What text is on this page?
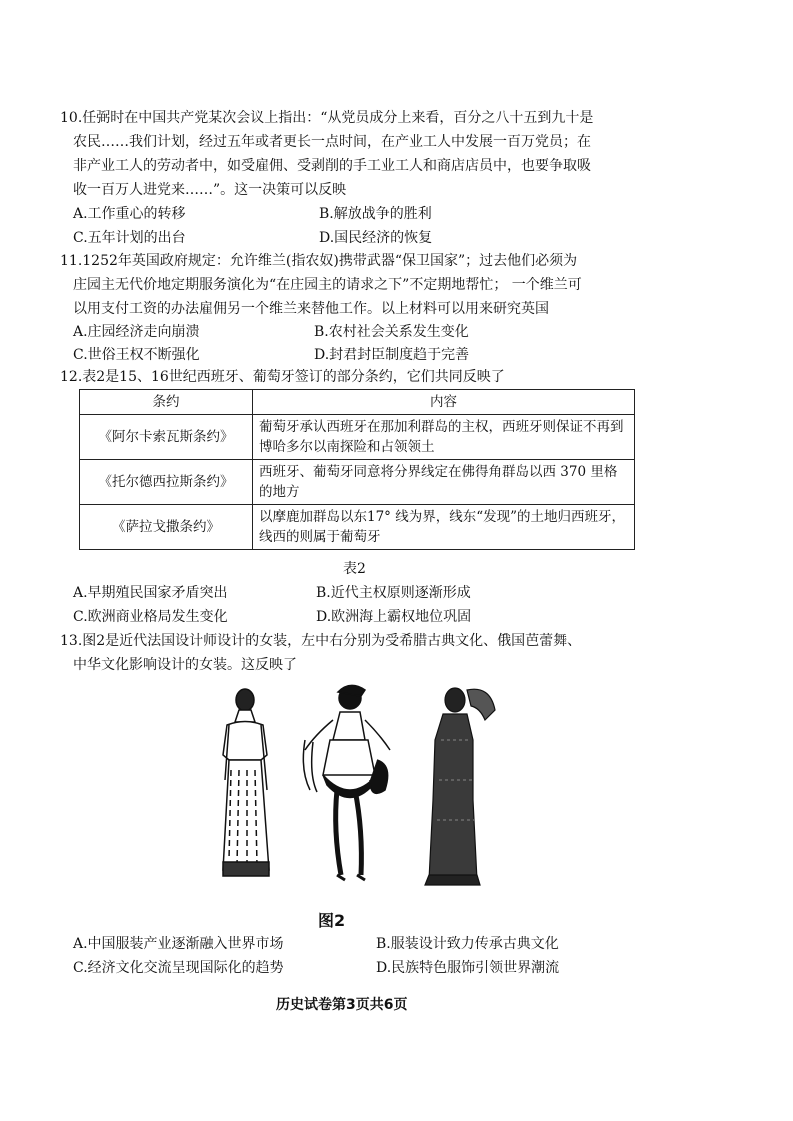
10.任弼时在中国共产党某次会议上指出：“从党员成分上来看，百分之八十五到九十是
农民……我们计划，经过五年或者更长一点时间，在产业工人中发展一百万党员；在
非产业工人的劳动者中，如受雇佣、受剥削的手工业工人和商店店员中，也要争取吸
收一百万人进党来……”。这一决策可以反映
A.工作重心的转移	B.解放战争的胜利
C.五年计划的出台	D.国民经济的恢复
11.1252年英国政府规定：允许维兰(指农奴)携带武器“保卫国家”；过去他们必须为
庄园主无代价地定期服务演化为“在庄园主的请求之下”不定期地帮忙； 一个维兰可
以用支付工资的办法雇佣另一个维兰来替他工作。以上材料可以用来研究英国
A.庄园经济走向崩溃	B.农村社会关系发生变化
C.世俗王权不断强化	D.封君封臣制度趋于完善
12.表2是15、16世纪西班牙、葡萄牙签订的部分条约，它们共同反映了
条约	内容
《阿尔卡索瓦斯条约》	葡萄牙承认西班牙在那加利群岛的主权，西班牙则保证不再到博哈多尔以南探险和占领领土
《托尔德西拉斯条约》	西班牙、葡萄牙同意将分界线定在佛得角群岛以西 370 里格的地方
《萨拉戈撒条约》	以摩鹿加群岛以东17° 线为界，线东“发现”的土地归西班牙，线西的则属于葡萄牙
表2
A.早期殖民国家矛盾突出	B.近代主权原则逐渐形成
C.欧洲商业格局发生变化	D.欧洲海上霸权地位巩固
13.图2是近代法国设计师设计的女装，左中右分别为受希腊古典文化、俄国芭蕾舞、
中华文化影响设计的女装。这反映了
图2
A.中国服装产业逐渐融入世界市场	B.服装设计致力传承古典文化
C.经济文化交流呈现国际化的趋势	D.民族特色服饰引领世界潮流
历史试卷第3页共6页
